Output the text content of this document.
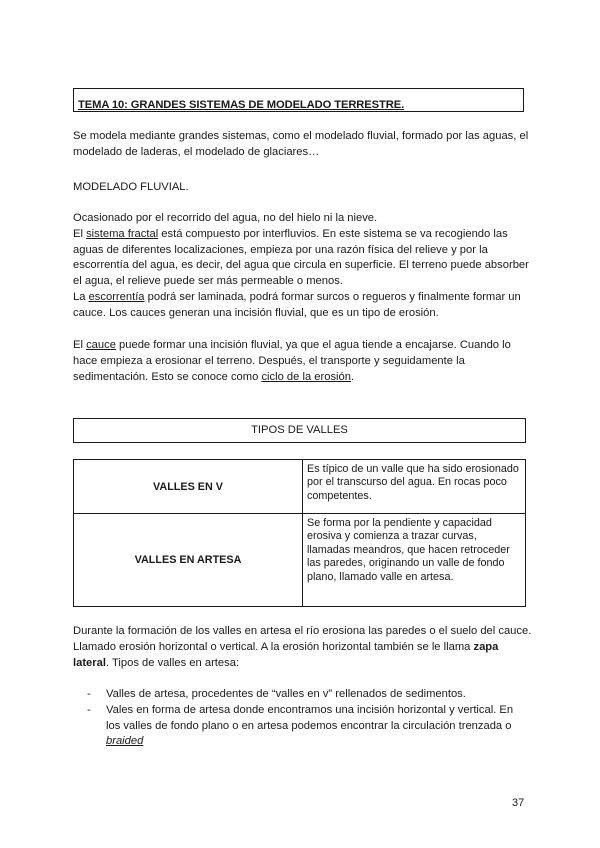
TEMA 10: GRANDES SISTEMAS DE MODELADO TERRESTRE.

Se modela mediante grandes sistemas, como el modelado fluvial, formado por las aguas, el modelado de laderas, el modelado de glaciares…

MODELADO FLUVIAL.

Ocasionado por el recorrido del agua, no del hielo ni la nieve.
El sistema fractal está compuesto por interfluvios. En este sistema se va recogiendo las aguas de diferentes localizaciones, empieza por una razón física del relieve y por la escorrentía del agua, es decir, del agua que circula en superficie. El terreno puede absorber el agua, el relieve puede ser más permeable o menos.
La escorrentía podrá ser laminada, podrá formar surcos o regueros y finalmente formar un cauce. Los cauces generan una incisión fluvial, que es un tipo de erosión.

El cauce puede formar una incisión fluvial, ya que el agua tiende a encajarse. Cuando lo hace empieza a erosionar el terreno. Después, el transporte y seguidamente la sedimentación. Esto se conoce como ciclo de la erosión.

TIPOS DE VALLES
VALLES EN V	Es típico de un valle que ha sido erosionado por el transcurso del agua. En rocas poco competentes.
VALLES EN ARTESA	Se forma por la pendiente y capacidad erosiva y comienza a trazar curvas, llamadas meandros, que hacen retroceder las paredes, originando un valle de fondo plano, llamado valle en artesa.

Durante la formación de los valles en artesa el río erosiona las paredes o el suelo del cauce. Llamado erosión horizontal o vertical. A la erosión horizontal también se le llama zapa lateral. Tipos de valles en artesa:

- Valles de artesa, procedentes de “valles en v” rellenados de sedimentos.
- Vales en forma de artesa donde encontramos una incisión horizontal y vertical. En los valles de fondo plano o en artesa podemos encontrar la circulación trenzada o braided
37
